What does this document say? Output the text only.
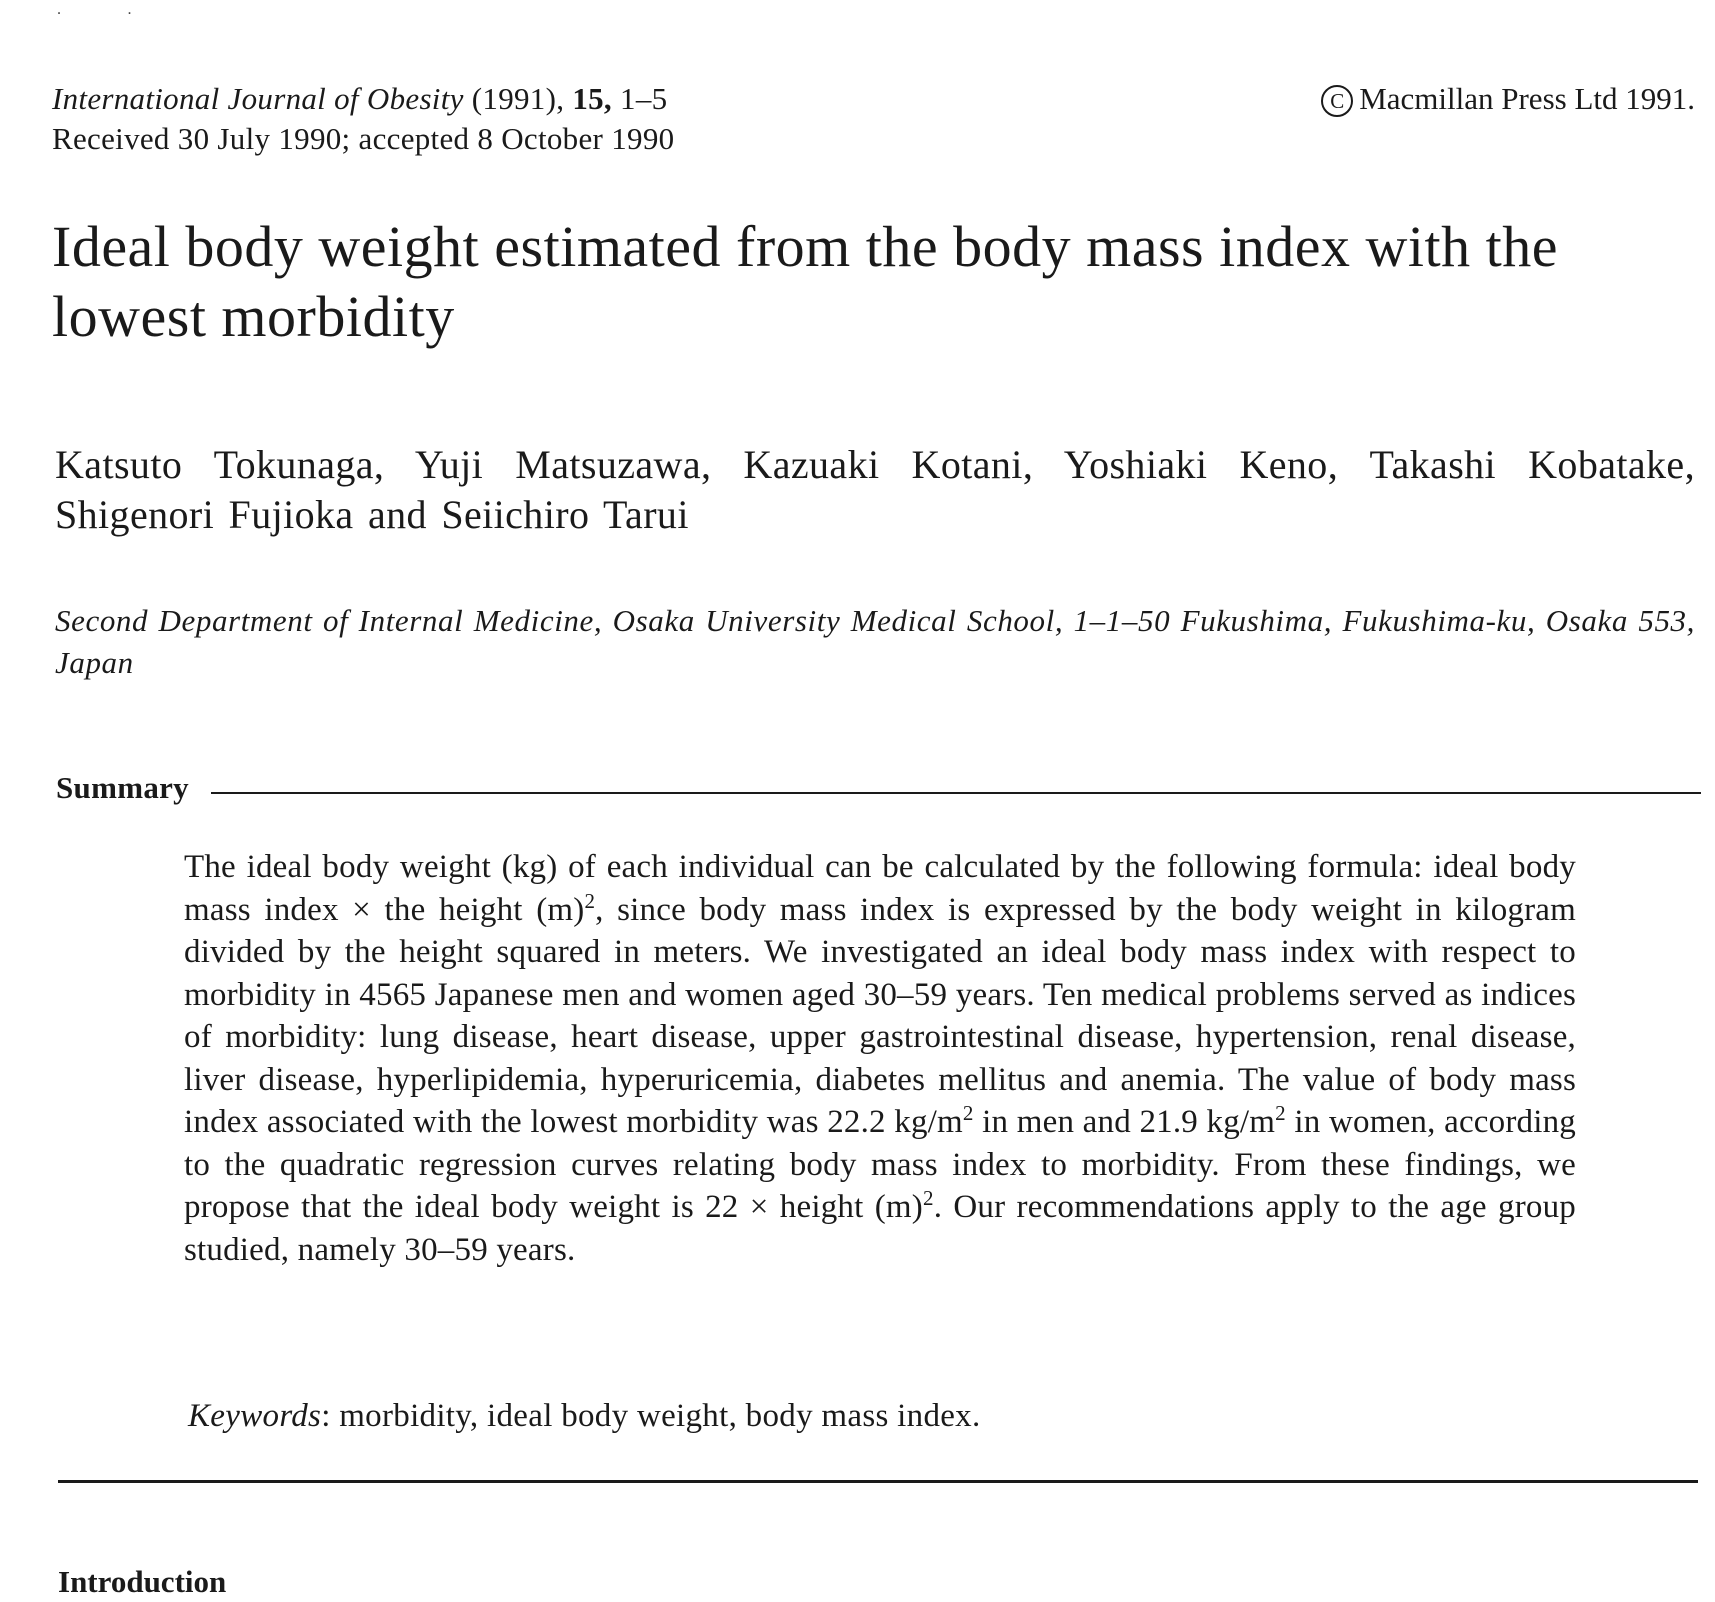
˙ ˙
International Journal of Obesity (1991), 15, 1–5
Received 30 July 1990; accepted 8 October 1990
C Macmillan Press Ltd 1991.
Ideal body weight estimated from the body mass index with the lowest morbidity
Katsuto Tokunaga, Yuji Matsuzawa, Kazuaki Kotani, Yoshiaki Keno, Takashi Kobatake, Shigenori Fujioka and Seiichiro Tarui
Second Department of Internal Medicine, Osaka University Medical School, 1–1–50 Fukushima, Fukushima-ku, Osaka 553, Japan
Summary
The ideal body weight (kg) of each individual can be calculated by the following formula: ideal body mass index × the height $(m)^2$, since body mass index is expressed by the body weight in kilogram divided by the height squared in meters. We investigated an ideal body mass index with respect to morbidity in 4565 Japanese men and women aged 30–59 years. Ten medical problems served as indices of morbidity: lung disease, heart disease, upper gastrointestinal disease, hypertension, renal disease, liver disease, hyperlipidemia, hyperuricemia, diabetes mellitus and anemia. The value of body mass index associated with the lowest morbidity was 22.2 $kg/m^2$ in men and 21.9 $kg/m^2$ in women, according to the quadratic regression curves relating body mass index to morbidity. From these findings, we propose that the ideal body weight is 22 × height $(m)^2$. Our recommendations apply to the age group studied, namely 30–59 years.
Keywords: morbidity, ideal body weight, body mass index.
Introduction
